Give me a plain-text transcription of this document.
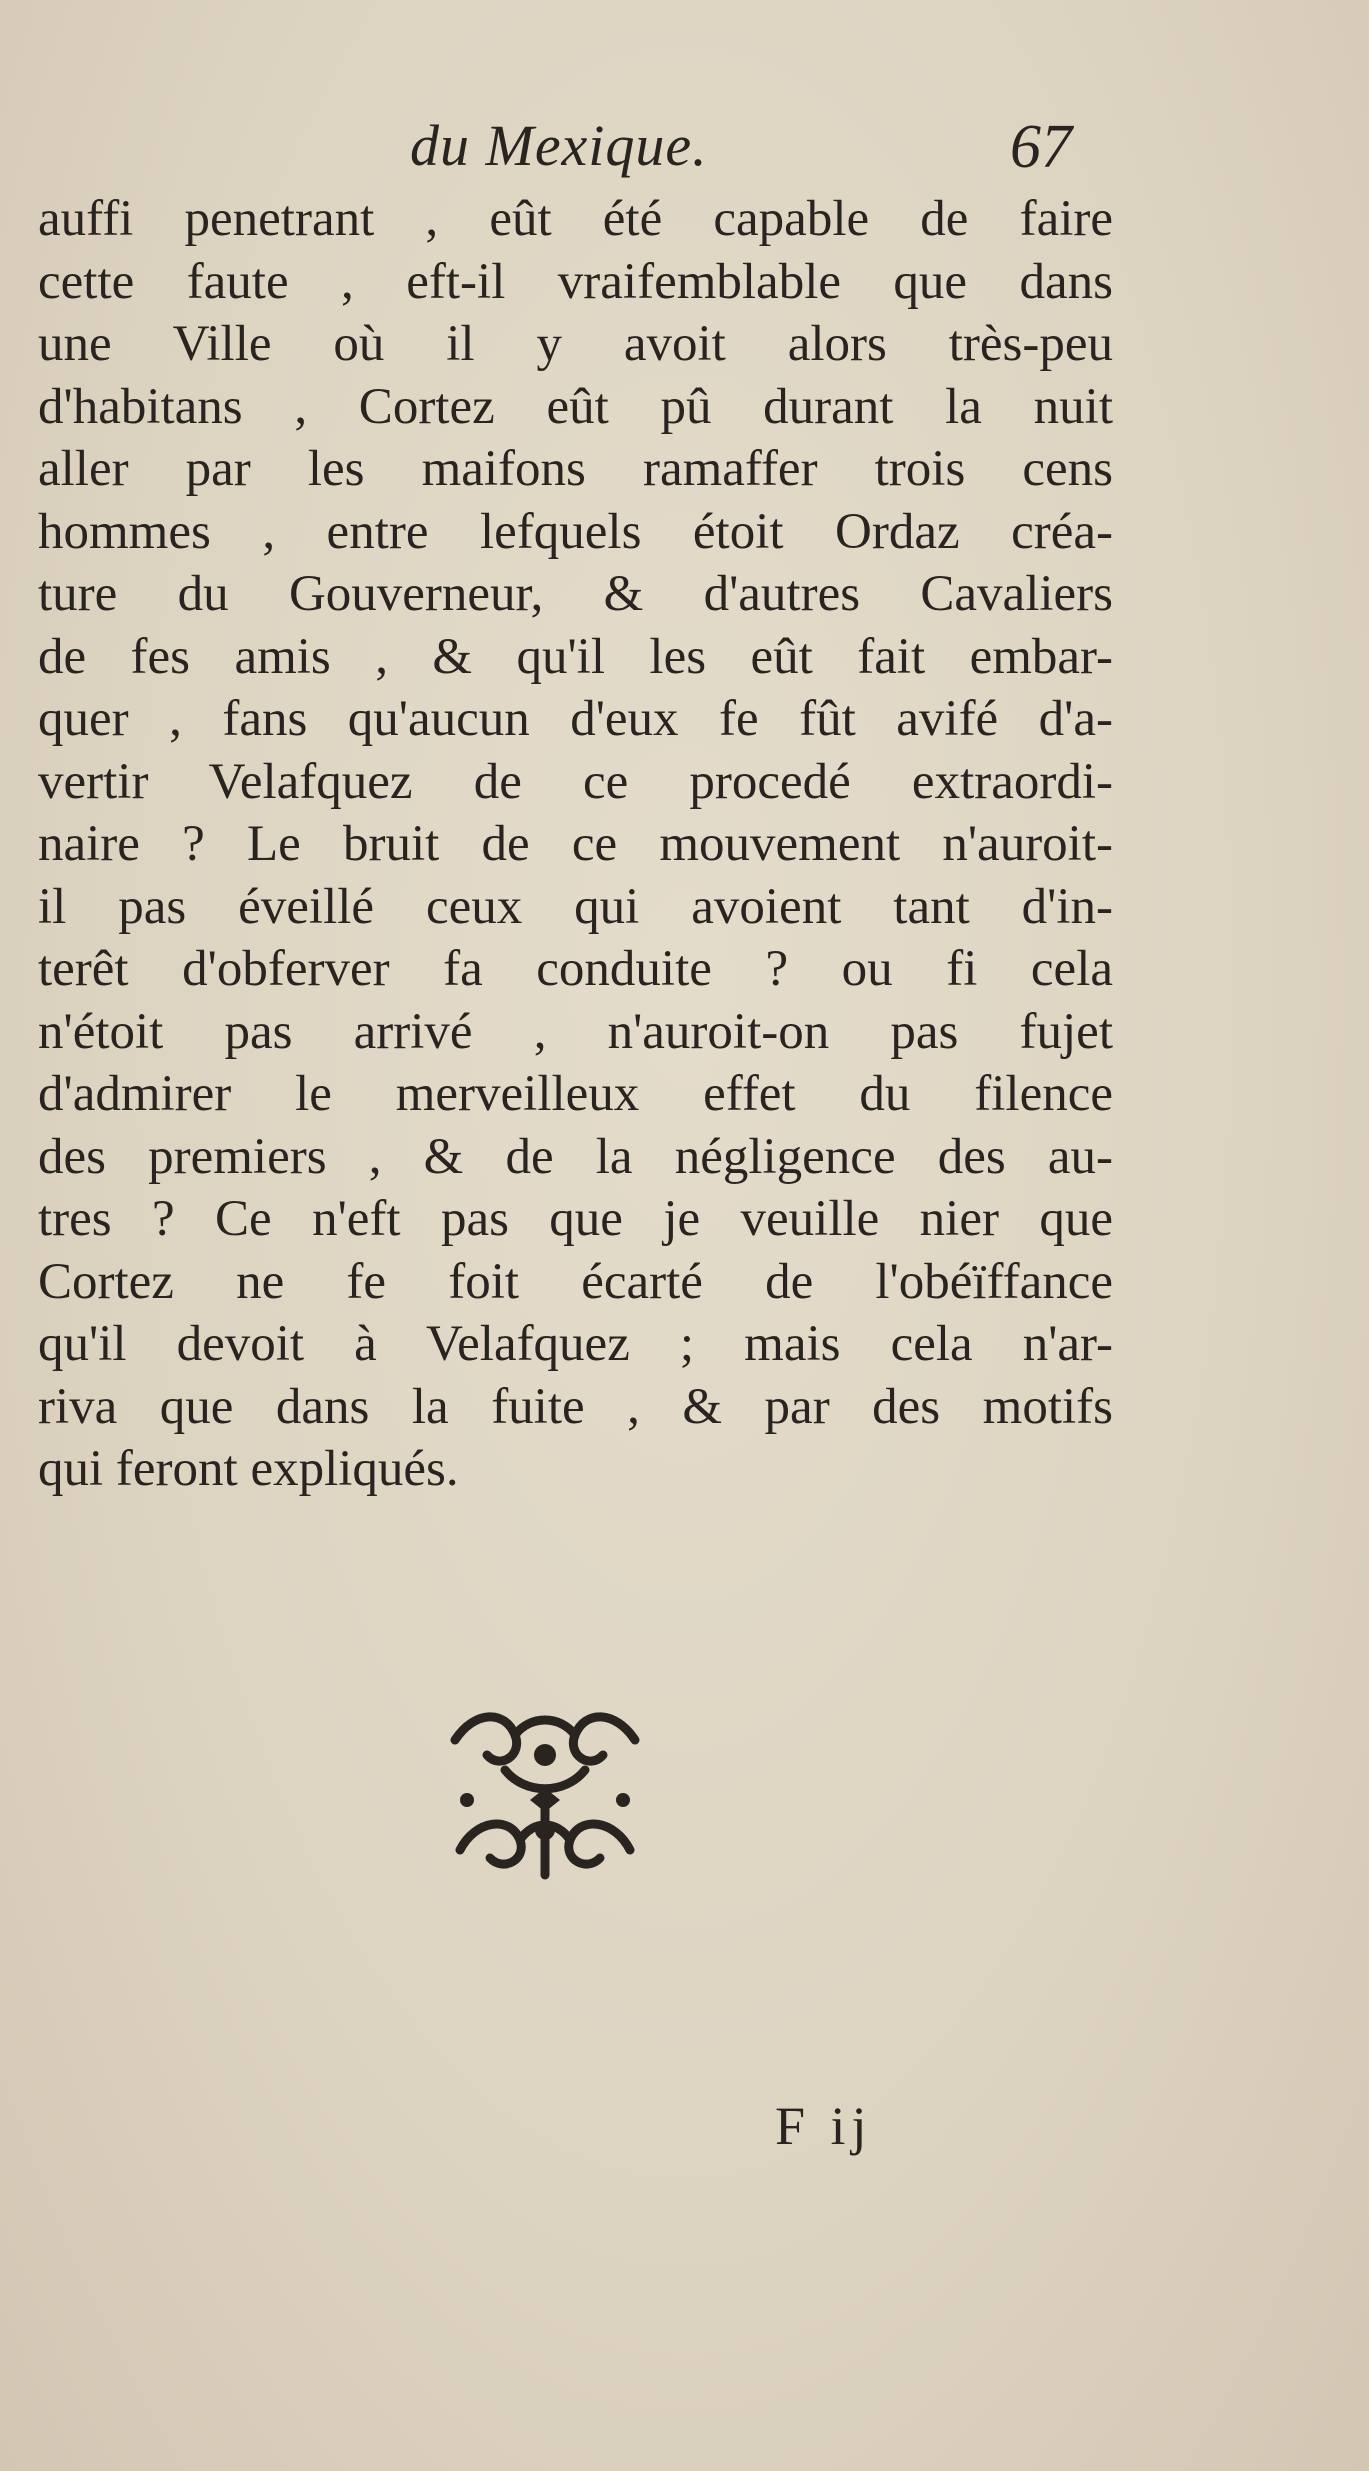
du Mexique.	67
auffi penetrant , eût été capable de faire
cette faute , eft-il vraifemblable que dans
une Ville où il y avoit alors très-peu
d'habitans , Cortez eût pû durant la nuit
aller par les maifons ramaffer trois cens
hommes , entre lefquels étoit Ordaz créa-
ture du Gouverneur, & d'autres Cavaliers
de fes amis , & qu'il les eût fait embar-
quer , fans qu'aucun d'eux fe fût avifé d'a-
vertir Velafquez de ce procedé extraordi-
naire ? Le bruit de ce mouvement n'auroit-
il pas éveillé ceux qui avoient tant d'in-
terêt d'obferver fa conduite ? ou fi cela
n'étoit pas arrivé , n'auroit-on pas fujet
d'admirer le merveilleux effet du filence
des premiers , & de la négligence des au-
tres ? Ce n'eft pas que je veuille nier que
Cortez ne fe foit écarté de l'obéïffance
qu'il devoit à Velafquez ; mais cela n'ar-
riva que dans la fuite , & par des motifs
qui feront expliqués.
F ij
